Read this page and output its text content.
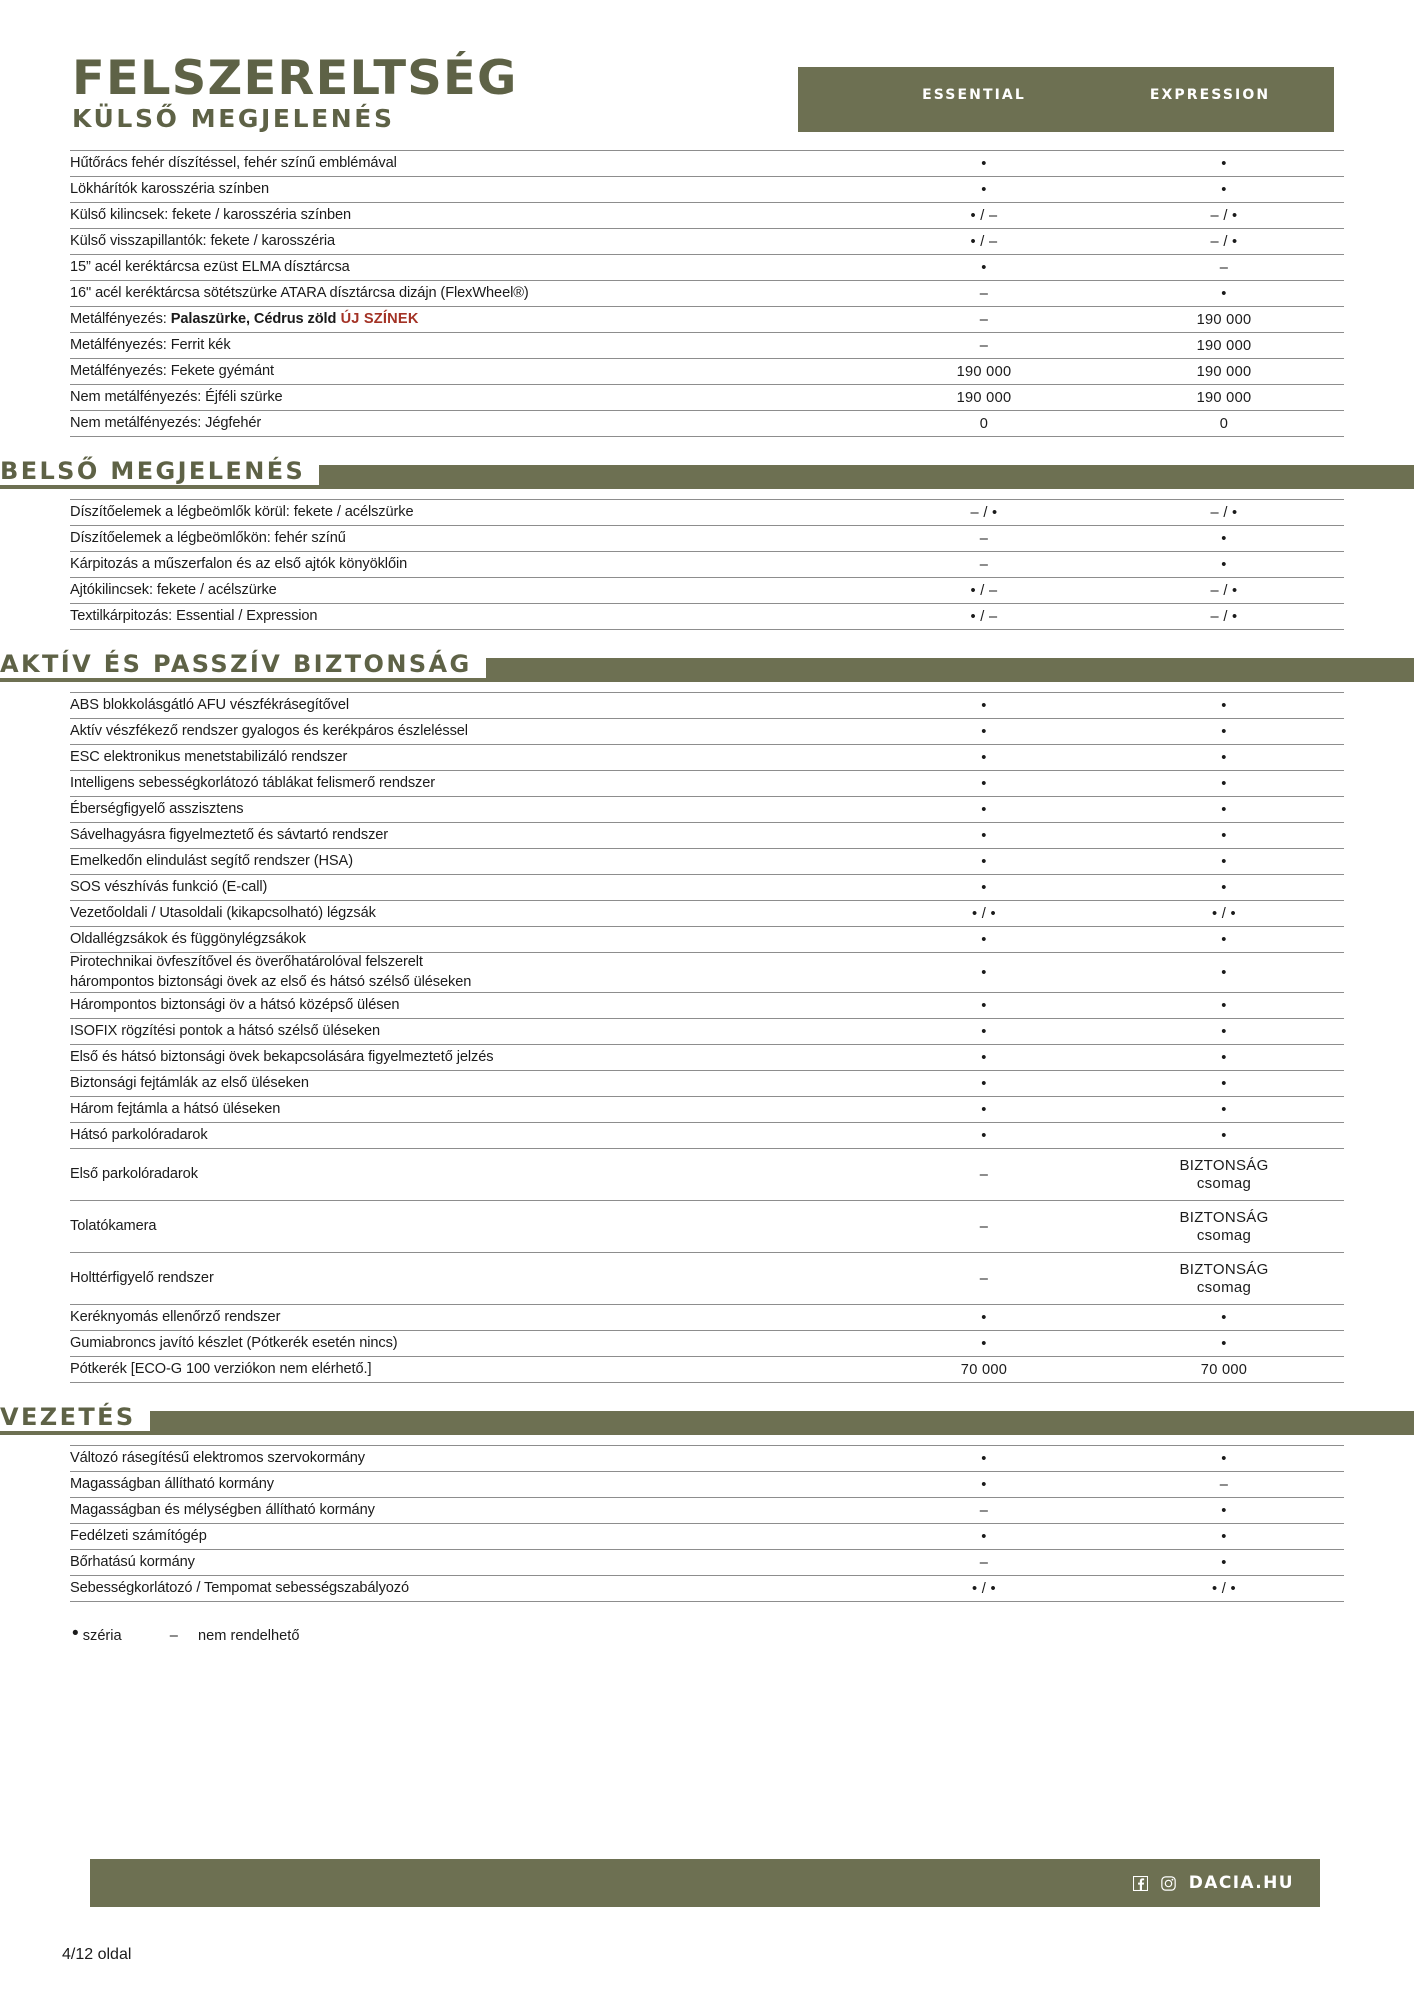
FELSZERELTSÉG
KÜLSŐ MEGJELENÉS
ESSENTIAL	EXPRESSION
Hűtőrács fehér díszítéssel, fehér színű emblémával	•	•
Lökhárítók karosszéria színben	•	•
Külső kilincsek: fekete / karosszéria színben	• / –	– / •
Külső visszapillantók: fekete / karosszéria	• / –	– / •
15” acél keréktárcsa ezüst ELMA dísztárcsa	•	–
16" acél keréktárcsa sötétszürke ATARA dísztárcsa dizájn (FlexWheel®)	–	•
Metálfényezés: Palaszürke, Cédrus zöld ÚJ SZÍNEK	–	190 000
Metálfényezés: Ferrit kék	–	190 000
Metálfényezés: Fekete gyémánt	190 000	190 000
Nem metálfényezés: Éjféli szürke	190 000	190 000
Nem metálfényezés: Jégfehér	0	0
BELSŐ MEGJELENÉS
Díszítőelemek a légbeömlők körül: fekete / acélszürke	– / •	– / •
Díszítőelemek a légbeömlőkön: fehér színű	–	•
Kárpitozás a műszerfalon és az első ajtók könyöklőin	–	•
Ajtókilincsek: fekete / acélszürke	• / –	– / •
Textilkárpitozás: Essential / Expression	• / –	– / •
AKTÍV ÉS PASSZÍV BIZTONSÁG
ABS blokkolásgátló AFU vészfékrásegítővel	•	•
Aktív vészfékező rendszer gyalogos és kerékpáros észleléssel	•	•
ESC elektronikus menetstabilizáló rendszer	•	•
Intelligens sebességkorlátozó táblákat felismerő rendszer	•	•
Éberségfigyelő asszisztens	•	•
Sávelhagyásra figyelmeztető és sávtartó rendszer	•	•
Emelkedőn elindulást segítő rendszer (HSA)	•	•
SOS vészhívás funkció (E-call)	•	•
Vezetőoldali / Utasoldali (kikapcsolható) légzsák	• / •	• / •
Oldallégzsákok és függönylégzsákok	•	•
Pirotechnikai övfeszítővel és överőhatárolóval felszerelt
hárompontos biztonsági övek az első és hátsó szélső üléseken	•	•
Hárompontos biztonsági öv a hátsó középső ülésen	•	•
ISOFIX rögzítési pontok a hátsó szélső üléseken	•	•
Első és hátsó biztonsági övek bekapcsolására figyelmeztető jelzés	•	•
Biztonsági fejtámlák az első üléseken	•	•
Három fejtámla a hátsó üléseken	•	•
Hátsó parkolóradarok	•	•
Első parkolóradarok	–	BIZTONSÁG
csomag
Tolatókamera	–	BIZTONSÁG
csomag
Holttérfigyelő rendszer	–	BIZTONSÁG
csomag
Keréknyomás ellenőrző rendszer	•	•
Gumiabroncs javító készlet (Pótkerék esetén nincs)	•	•
Pótkerék [ECO-G 100 verziókon nem elérhető.]	70 000	70 000
VEZETÉS
Változó rásegítésű elektromos szervokormány	•	•
Magasságban állítható kormány	•	–
Magasságban és mélységben állítható kormány	–	•
Fedélzeti számítógép	•	•
Bőrhatású kormány	–	•
Sebességkorlátozó / Tempomat sebességszabályozó	• / •	• / •
• széria	– nem rendelhető
DACIA.HU
4/12 oldal
